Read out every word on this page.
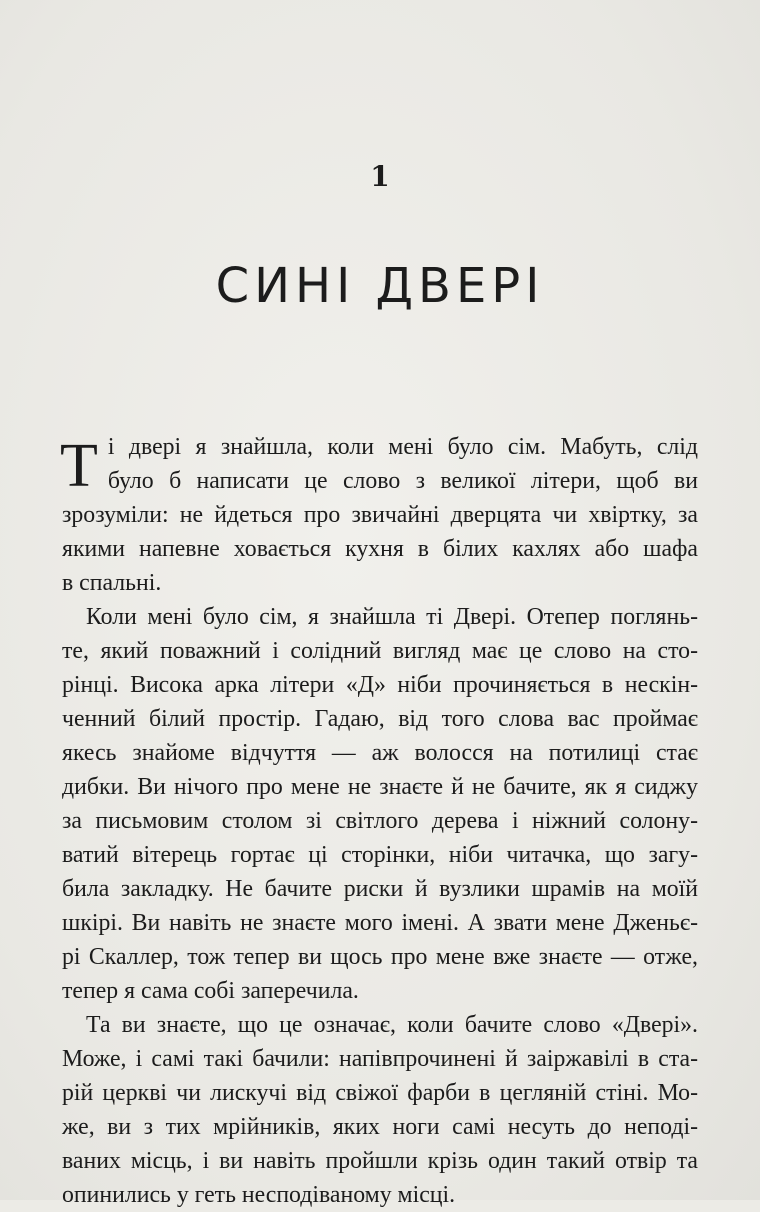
1
СИНІ ДВЕРІ

Т і двері я знайшла, коли мені було сім. Мабуть, слід
було б написати це слово з великої літери, щоб ви
зрозуміли: не йдеться про звичайні дверцята чи хвіртку, за
якими напевне ховається кухня в білих кахлях або шафа
в спальні.

Коли мені було сім, я знайшла ті Двері. Отепер поглянь-
те, який поважний і солідний вигляд має це слово на сто-
рінці. Висока арка літери «Д» ніби прочиняється в нескін-
ченний білий простір. Гадаю, від того слова вас проймає
якесь знайоме відчуття — аж волосся на потилиці стає
дибки. Ви нічого про мене не знаєте й не бачите, як я сиджу
за письмовим столом зі світлого дерева і ніжний солону-
ватий вітерець гортає ці сторінки, ніби читачка, що загу-
била закладку. Не бачите риски й вузлики шрамів на моїй
шкірі. Ви навіть не знаєте мого імені. А звати мене Дженьє-
рі Скаллер, тож тепер ви щось про мене вже знаєте — отже,
тепер я сама собі заперечила.

Та ви знаєте, що це означає, коли бачите слово «Двері».
Може, і самі такі бачили: напівпрочинені й заіржавілі в ста-
рій церкві чи лискучі від свіжої фарби в цегляній стіні. Мо-
же, ви з тих мрійників, яких ноги самі несуть до неподі-
ваних місць, і ви навіть пройшли крізь один такий отвір та
опинились у геть несподіваному місці.
